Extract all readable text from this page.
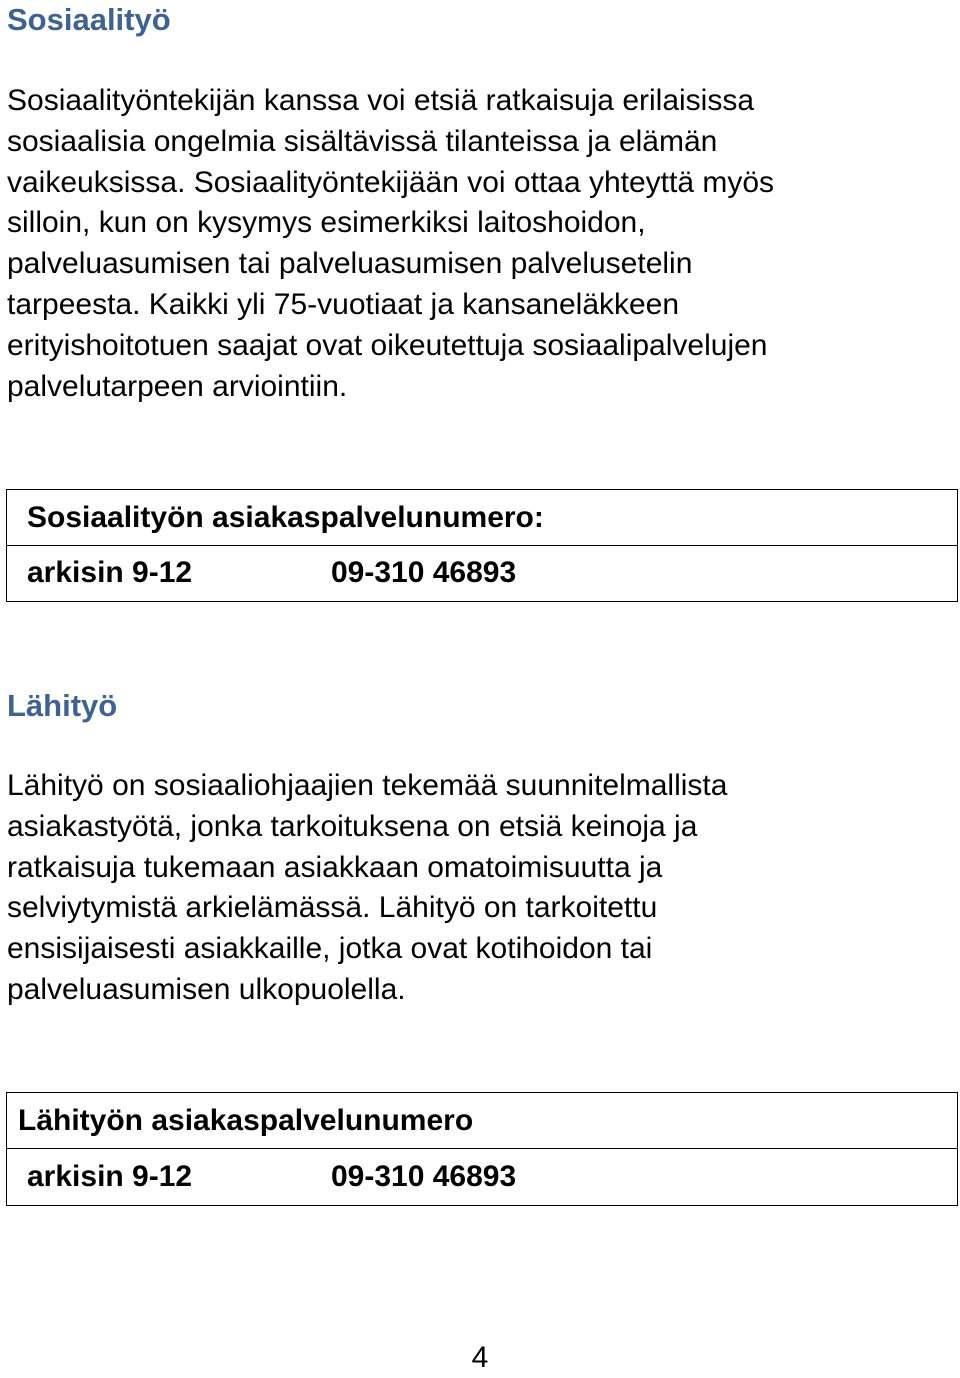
Sosiaalityö
Sosiaalityöntekijän kanssa voi etsiä ratkaisuja erilaisissa
sosiaalisia ongelmia sisältävissä tilanteissa ja elämän
vaikeuksissa. Sosiaalityöntekijään voi ottaa yhteyttä myös
silloin, kun on kysymys esimerkiksi laitoshoidon,
palveluasumisen tai palveluasumisen palvelusetelin
tarpeesta. Kaikki yli 75-vuotiaat ja kansaneläkkeen
erityishoitotuen saajat ovat oikeutettuja sosiaalipalvelujen
palvelutarpeen arviointiin.
Sosiaalityön asiakaspalvelunumero:
arkisin 9-12	09-310 46893
Lähityö
Lähityö on sosiaaliohjaajien tekemää suunnitelmallista
asiakastyötä, jonka tarkoituksena on etsiä keinoja ja
ratkaisuja tukemaan asiakkaan omatoimisuutta ja
selviytymistä arkielämässä. Lähityö on tarkoitettu
ensisijaisesti asiakkaille, jotka ovat kotihoidon tai
palveluasumisen ulkopuolella.
Lähityön asiakaspalvelunumero
arkisin 9-12	09-310 46893
4
